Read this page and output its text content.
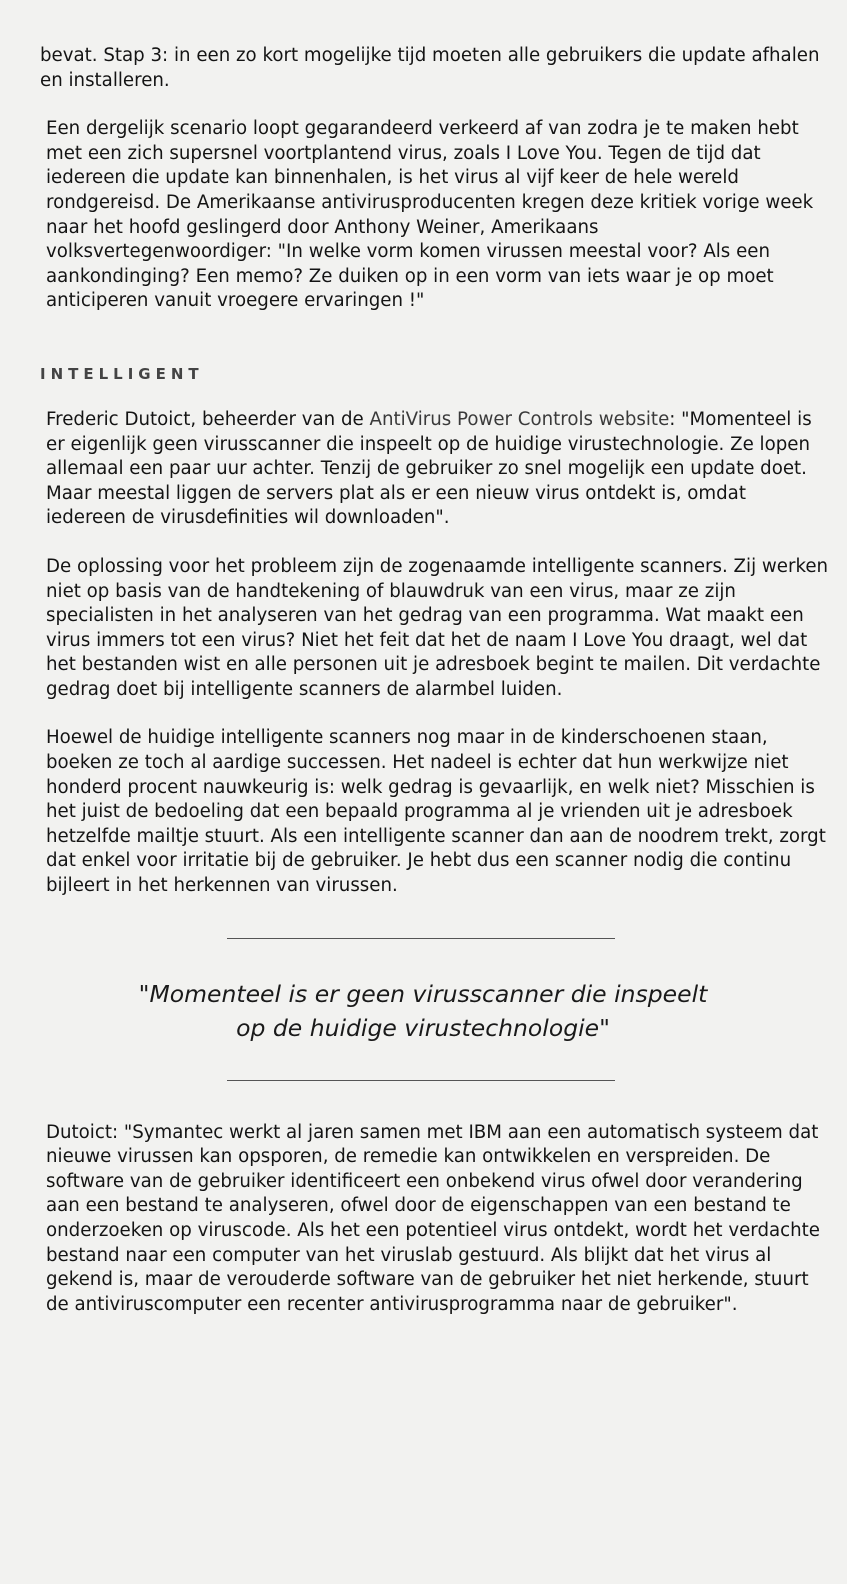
bevat. Stap 3: in een zo kort mogelijke tijd moeten alle gebruikers die update afhalen en installeren.

Een dergelijk scenario loopt gegarandeerd verkeerd af van zodra je te maken hebt met een zich supersnel voortplantend virus, zoals I Love You. Tegen de tijd dat iedereen die update kan binnenhalen, is het virus al vijf keer de hele wereld rondgereisd. De Amerikaanse antivirusproducenten kregen deze kritiek vorige week naar het hoofd geslingerd door Anthony Weiner, Amerikaans volksvertegenwoordiger: "In welke vorm komen virussen meestal voor? Als een aankondinging? Een memo? Ze duiken op in een vorm van iets waar je op moet anticiperen vanuit vroegere ervaringen !"

INTELLIGENT

Frederic Dutoict, beheerder van de AntiVirus Power Controls website: "Momenteel is er eigenlijk geen virusscanner die inspeelt op de huidige virustechnologie. Ze lopen allemaal een paar uur achter. Tenzij de gebruiker zo snel mogelijk een update doet. Maar meestal liggen de servers plat als er een nieuw virus ontdekt is, omdat iedereen de virusdefinities wil downloaden".

De oplossing voor het probleem zijn de zogenaamde intelligente scanners. Zij werken niet op basis van de handtekening of blauwdruk van een virus, maar ze zijn specialisten in het analyseren van het gedrag van een programma. Wat maakt een virus immers tot een virus? Niet het feit dat het de naam I Love You draagt, wel dat het bestanden wist en alle personen uit je adresboek begint te mailen. Dit verdachte gedrag doet bij intelligente scanners de alarmbel luiden.

Hoewel de huidige intelligente scanners nog maar in de kinderschoenen staan, boeken ze toch al aardige successen. Het nadeel is echter dat hun werkwijze niet honderd procent nauwkeurig is: welk gedrag is gevaarlijk, en welk niet? Misschien is het juist de bedoeling dat een bepaald programma al je vrienden uit je adresboek hetzelfde mailtje stuurt. Als een intelligente scanner dan aan de noodrem trekt, zorgt dat enkel voor irritatie bij de gebruiker. Je hebt dus een scanner nodig die continu bijleert in het herkennen van virussen.

"Momenteel is er geen virusscanner die inspeelt
op de huidige virustechnologie"

Dutoict: "Symantec werkt al jaren samen met IBM aan een automatisch systeem dat nieuwe virussen kan opsporen, de remedie kan ontwikkelen en verspreiden. De software van de gebruiker identificeert een onbekend virus ofwel door verandering aan een bestand te analyseren, ofwel door de eigenschappen van een bestand te onderzoeken op viruscode. Als het een potentieel virus ontdekt, wordt het verdachte bestand naar een computer van het viruslab gestuurd. Als blijkt dat het virus al gekend is, maar de verouderde software van de gebruiker het niet herkende, stuurt de antiviruscomputer een recenter antivirusprogramma naar de gebruiker".
